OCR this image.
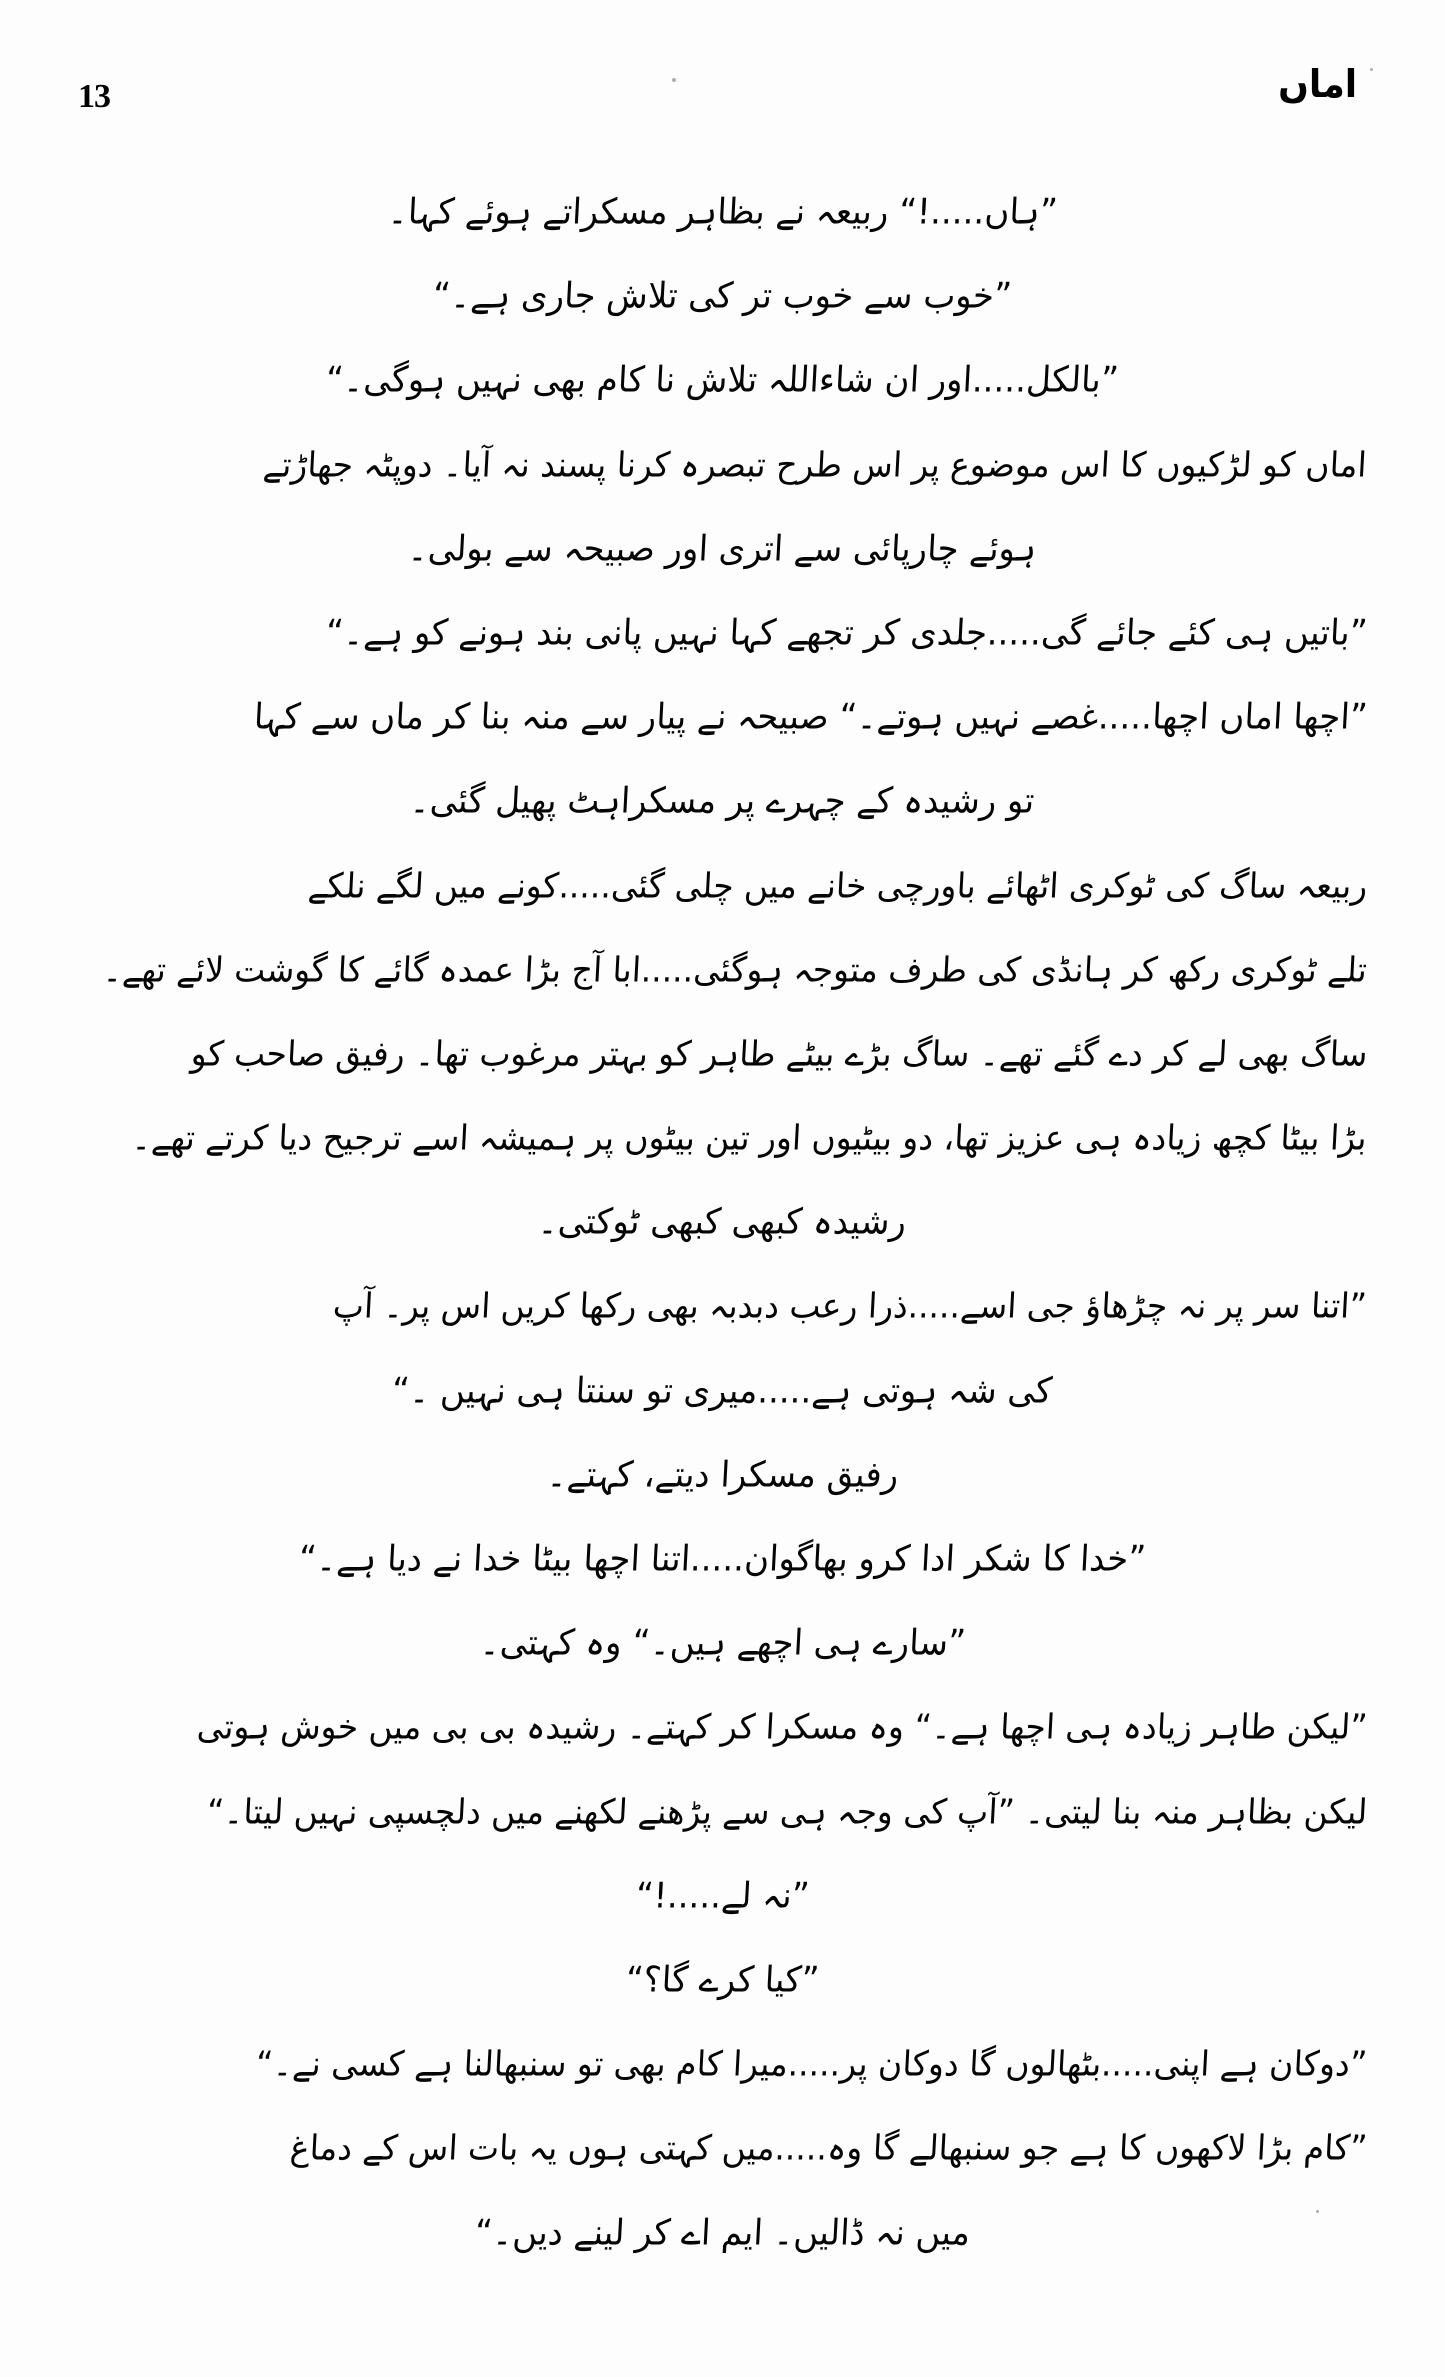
13	اماں
”ہاں.....!“ ربیعہ نے بظاہر مسکراتے ہوئے کہا۔
”خوب سے خوب تر کی تلاش جاری ہے۔“
”بالکل.....اور ان شاءاللہ تلاش نا کام بھی نہیں ہوگی۔“
اماں کو لڑکیوں کا اس موضوع پر اس طرح تبصرہ کرنا پسند نہ آیا۔ دوپٹہ جھاڑتے
ہوئے چارپائی سے اتری اور صبیحہ سے بولی۔
”باتیں ہی کئے جائے گی.....جلدی کر تجھے کہا نہیں پانی بند ہونے کو ہے۔“
”اچھا اماں اچھا.....غصے نہیں ہوتے۔“ صبیحہ نے پیار سے منہ بنا کر ماں سے کہا
تو رشیدہ کے چہرے پر مسکراہٹ پھیل گئی۔
ربیعہ ساگ کی ٹوکری اٹھائے باورچی خانے میں چلی گئی.....کونے میں لگے نلکے
تلے ٹوکری رکھ کر ہانڈی کی طرف متوجہ ہوگئی.....ابا آج بڑا عمدہ گائے کا گوشت لائے تھے۔
ساگ بھی لے کر دے گئے تھے۔ ساگ بڑے بیٹے طاہر کو بہتر مرغوب تھا۔ رفیق صاحب کو
بڑا بیٹا کچھ زیادہ ہی عزیز تھا، دو بیٹیوں اور تین بیٹوں پر ہمیشہ اسے ترجیح دیا کرتے تھے۔
رشیدہ کبھی کبھی ٹوکتی۔
”اتنا سر پر نہ چڑھاؤ جی اسے.....ذرا رعب دبدبہ بھی رکھا کریں اس پر۔ آپ
کی شہ ہوتی ہے.....میری تو سنتا ہی نہیں ۔“
رفیق مسکرا دیتے، کہتے۔
”خدا کا شکر ادا کرو بھاگوان.....اتنا اچھا بیٹا خدا نے دیا ہے۔“
”سارے ہی اچھے ہیں۔“ وہ کہتی۔
”لیکن طاہر زیادہ ہی اچھا ہے۔“ وہ مسکرا کر کہتے۔ رشیدہ بی بی میں خوش ہوتی
لیکن بظاہر منہ بنا لیتی۔ ”آپ کی وجہ ہی سے پڑھنے لکھنے میں دلچسپی نہیں لیتا۔“
”نہ لے.....!“
”کیا کرے گا؟“
”دوکان ہے اپنی.....بٹھالوں گا دوکان پر.....میرا کام بھی تو سنبھالنا ہے کسی نے۔“
”کام بڑا لاکھوں کا ہے جو سنبھالے گا وہ.....میں کہتی ہوں یہ بات اس کے دماغ
میں نہ ڈالیں۔ ایم اے کر لینے دیں۔“
